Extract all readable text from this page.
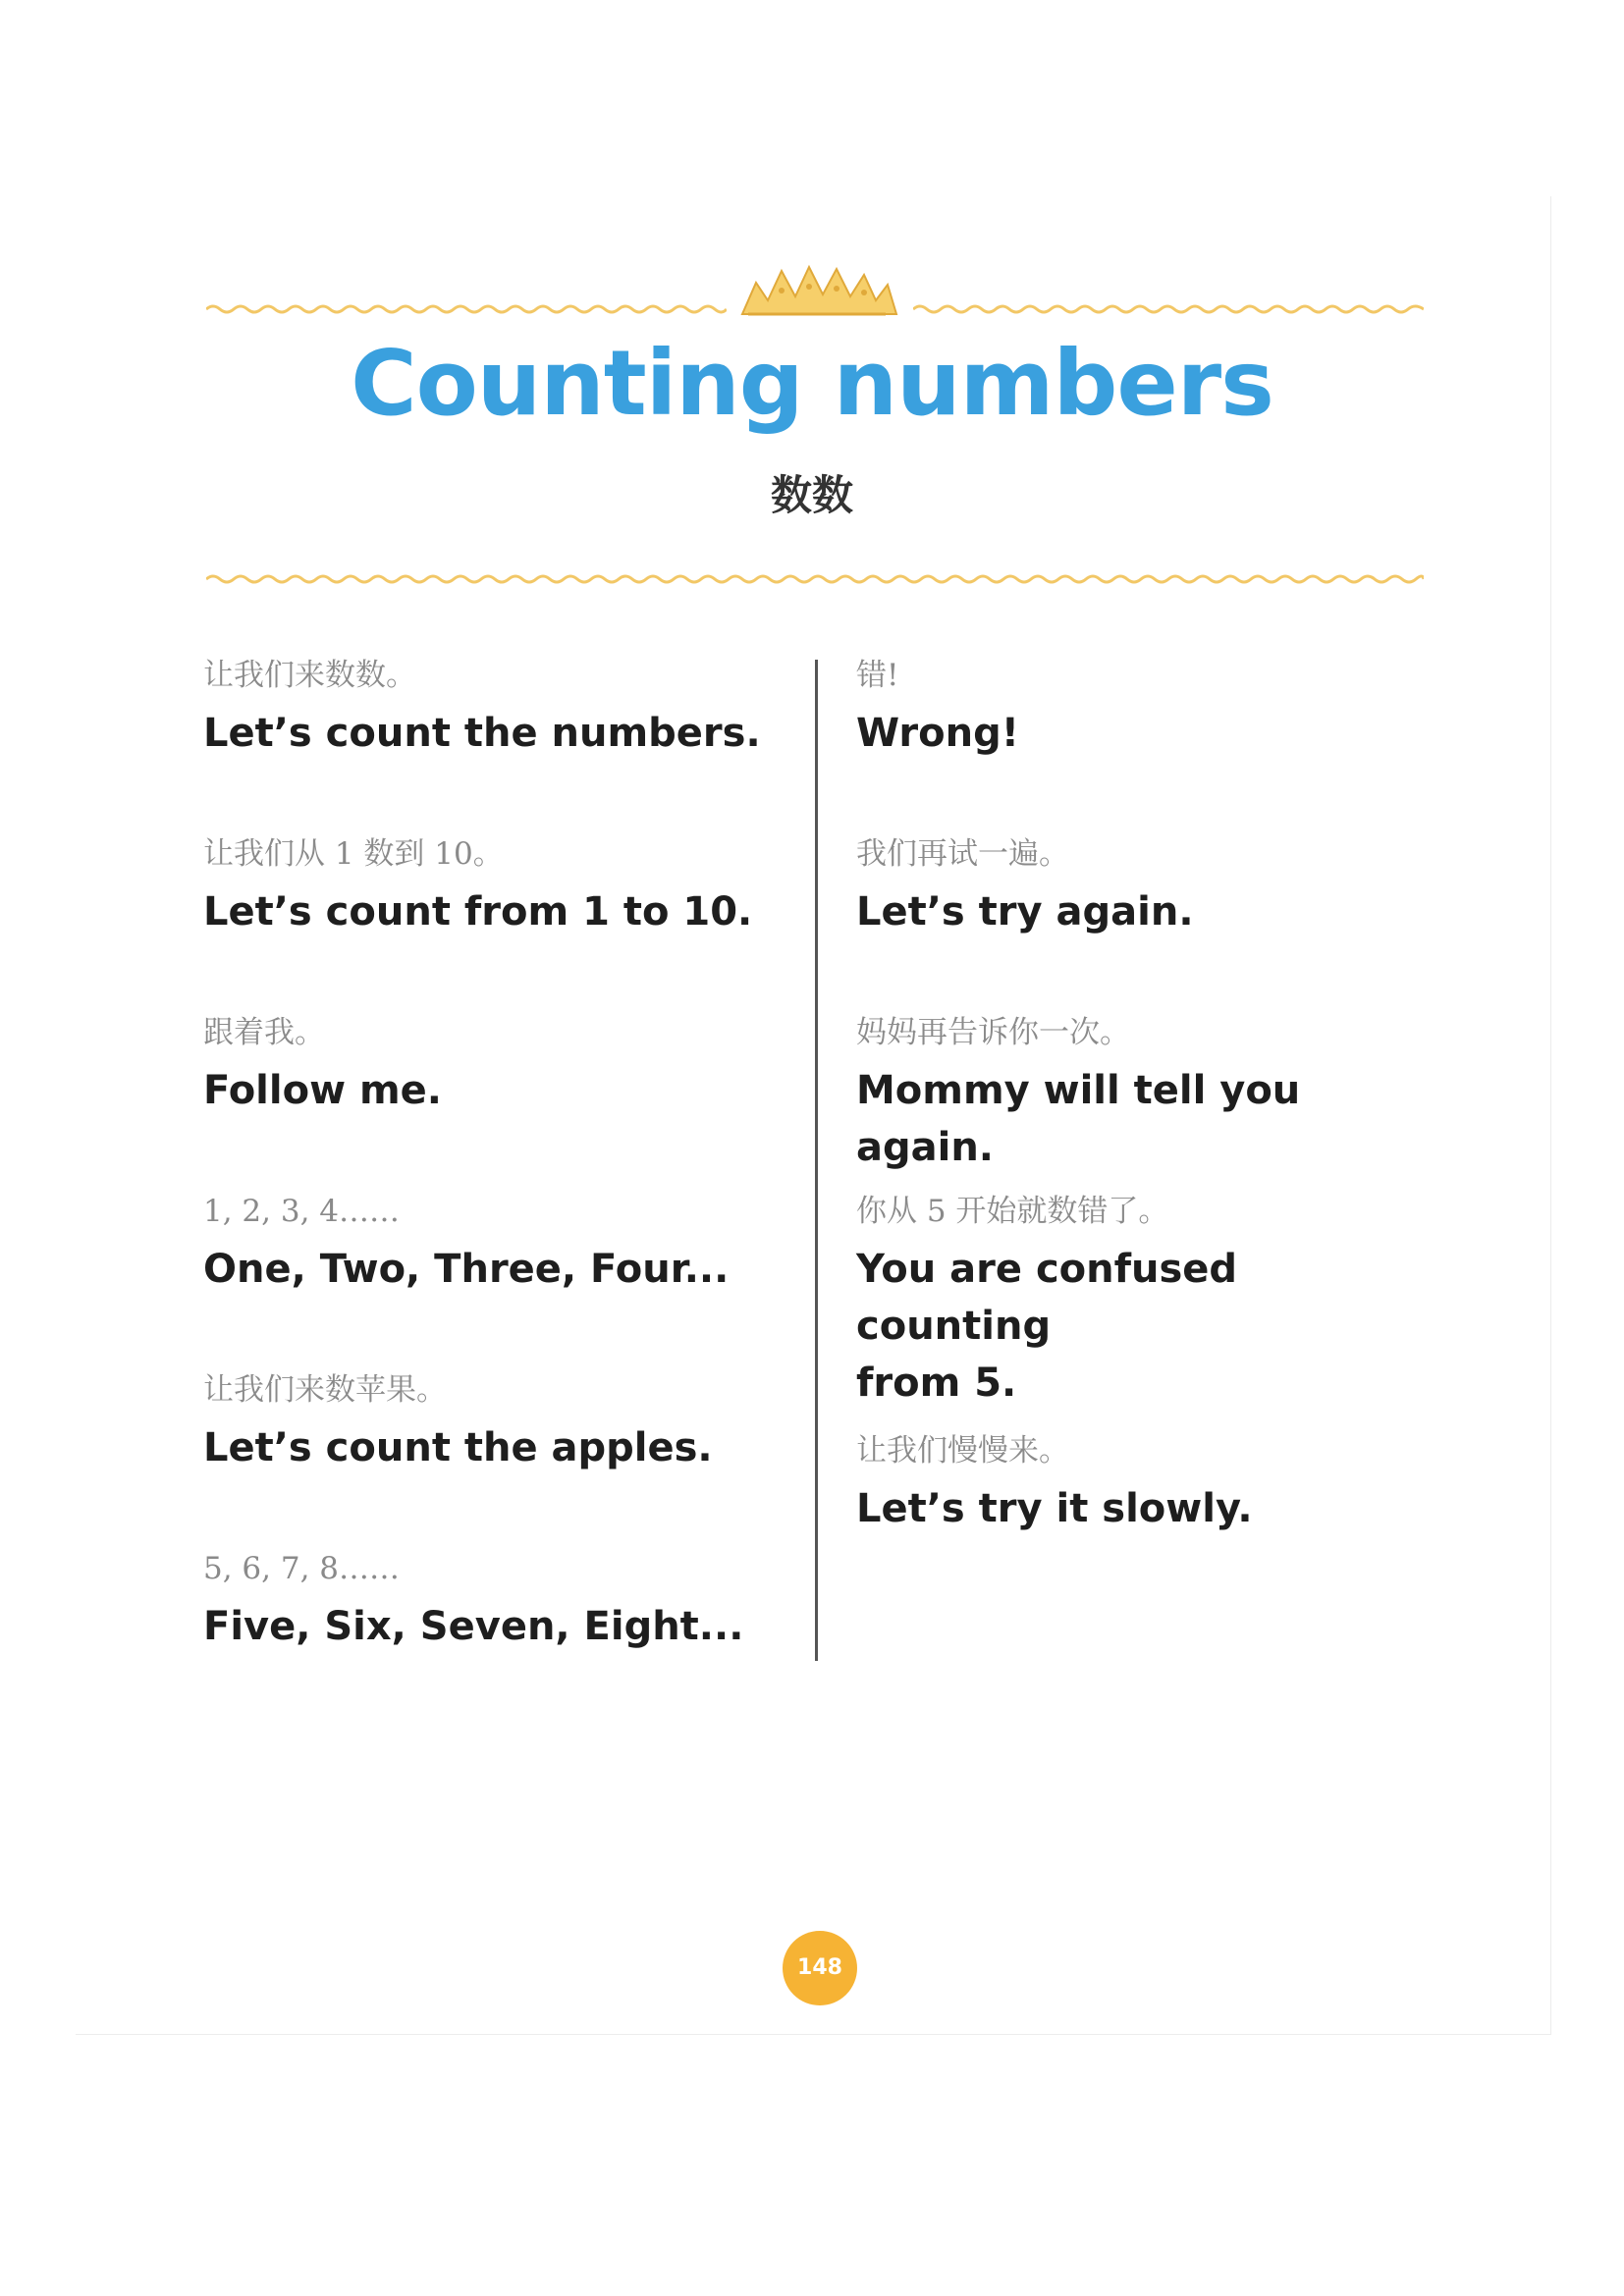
Counting numbers
数数
让我们来数数。
Let’s count the numbers.
让我们从 1 数到 10。
Let’s count from 1 to 10.
跟着我。
Follow me.
1, 2, 3, 4……
One, Two, Three, Four...
让我们来数苹果。
Let’s count the apples.
5, 6, 7, 8……
Five, Six, Seven, Eight...
错!
Wrong!
我们再试一遍。
Let’s try again.
妈妈再告诉你一次。
Mommy will tell you again.
你从 5 开始就数错了。
You are confused counting
from 5.
让我们慢慢来。
Let’s try it slowly.
148
